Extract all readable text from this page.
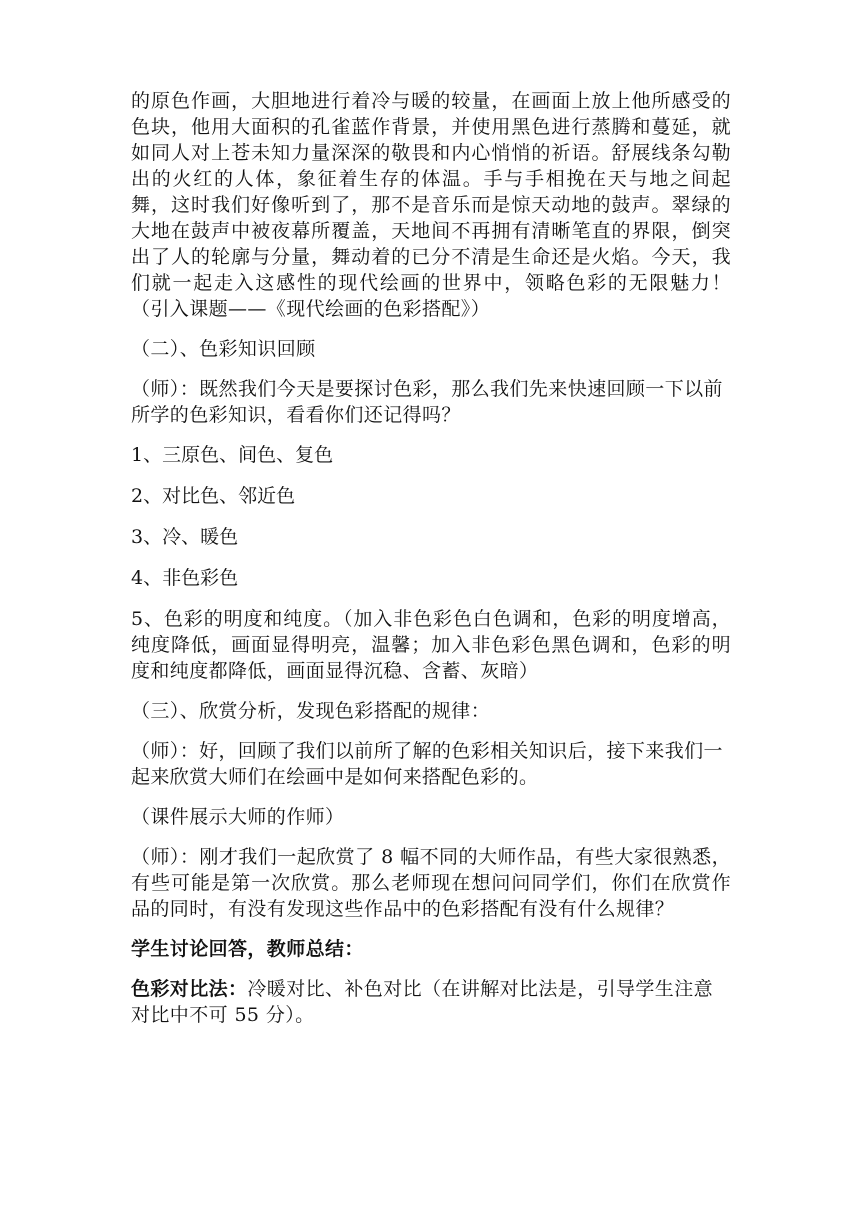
的原色作画，大胆地进行着冷与暖的较量，在画面上放上他所感受的色块，他用大面积的孔雀蓝作背景，并使用黑色进行蒸腾和蔓延，就如同人对上苍未知力量深深的敬畏和内心悄悄的祈语。舒展线条勾勒出的火红的人体，象征着生存的体温。手与手相挽在天与地之间起舞，这时我们好像听到了，那不是音乐而是惊天动地的鼓声。翠绿的大地在鼓声中被夜幕所覆盖，天地间不再拥有清晰笔直的界限，倒突出了人的轮廓与分量，舞动着的已分不清是生命还是火焰。今天，我们就一起走入这感性的现代绘画的世界中，领略色彩的无限魅力！（引入课题——《现代绘画的色彩搭配》）

（二）、色彩知识回顾

（师）：既然我们今天是要探讨色彩，那么我们先来快速回顾一下以前所学的色彩知识，看看你们还记得吗？

1、三原色、间色、复色

2、对比色、邻近色

3、冷、暖色

4、非色彩色

5、色彩的明度和纯度。（加入非色彩色白色调和，色彩的明度增高，纯度降低，画面显得明亮，温馨；加入非色彩色黑色调和，色彩的明度和纯度都降低，画面显得沉稳、含蓄、灰暗）

（三）、欣赏分析，发现色彩搭配的规律：

（师）：好，回顾了我们以前所了解的色彩相关知识后，接下来我们一起来欣赏大师们在绘画中是如何来搭配色彩的。

（课件展示大师的作师）

（师）：刚才我们一起欣赏了 8 幅不同的大师作品，有些大家很熟悉，有些可能是第一次欣赏。那么老师现在想问问同学们，你们在欣赏作品的同时，有没有发现这些作品中的色彩搭配有没有什么规律？

学生讨论回答，教师总结：

色彩对比法：冷暖对比、补色对比（在讲解对比法是，引导学生注意对比中不可 55 分）。
